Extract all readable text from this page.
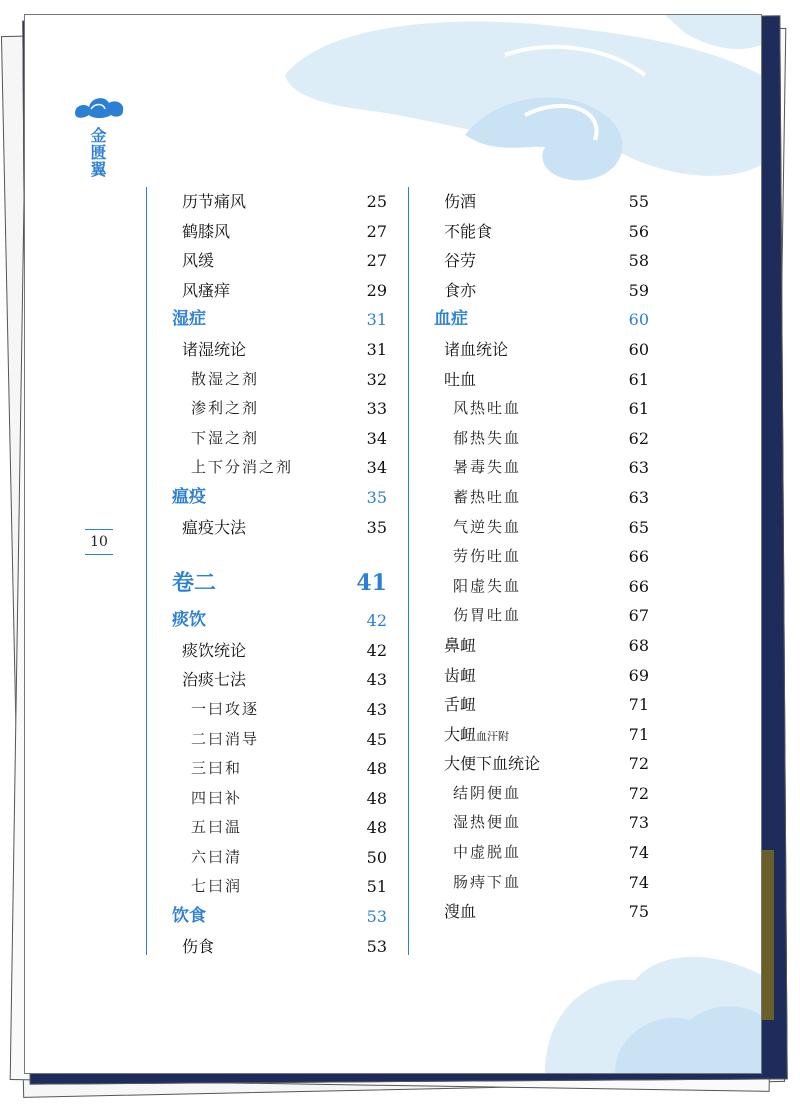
金匮翼
10
历节痛风	25
鹤膝风	27
风缓	27
风瘙痒	29
湿症	31
诸湿统论	31
散湿之剂	32
渗利之剂	33
下湿之剂	34
上下分消之剂	34
瘟疫	35
瘟疫大法	35
卷二	41
痰饮	42
痰饮统论	42
治痰七法	43
一曰攻逐	43
二曰消导	45
三曰和	48
四曰补	48
五曰温	48
六曰清	50
七曰润	51
饮食	53
伤食	53
伤酒	55
不能食	56
谷劳	58
食亦	59
血症	60
诸血统论	60
吐血	61
风热吐血	61
郁热失血	62
暑毒失血	63
蓄热吐血	63
气逆失血	65
劳伤吐血	66
阳虚失血	66
伤胃吐血	67
鼻衄	68
齿衄	69
舌衄	71
大衄血汗附	71
大便下血统论	72
结阴便血	72
湿热便血	73
中虚脱血	74
肠痔下血	74
溲血	75
